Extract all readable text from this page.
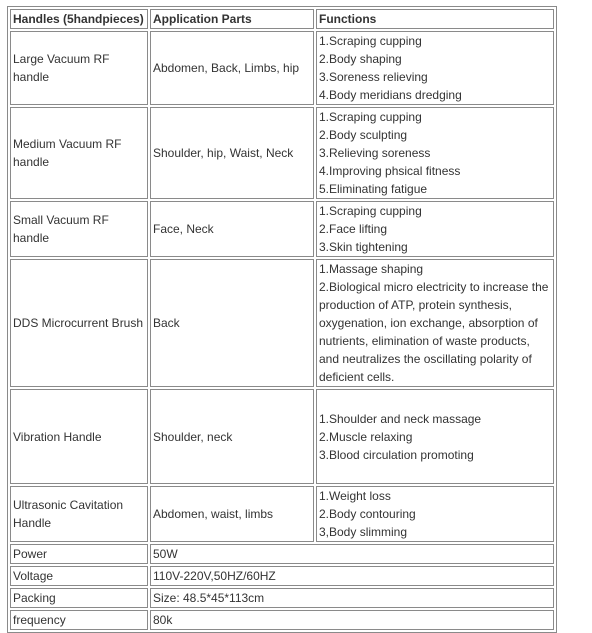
Handles (5handpieces)	Application Parts	Functions
Large Vacuum RF handle	Abdomen, Back, Limbs, hip	1.Scraping cupping
2.Body shaping
3.Soreness relieving
4.Body meridians dredging

Medium Vacuum RF handle	Shoulder, hip, Waist, Neck	1.Scraping cupping
2.Body sculpting
3.Relieving soreness
4.Improving phsical fitness
5.Eliminating fatigue

Small Vacuum RF handle	Face, Neck	1.Scraping cupping
2.Face lifting
3.Skin tightening

DDS Microcurrent Brush	Back	1.Massage shaping
2.Biological micro electricity to increase the production of ATP, protein synthesis, oxygenation, ion exchange, absorption of nutrients, elimination of waste products, and neutralizes the oscillating polarity of deficient cells.

Vibration Handle	Shoulder, neck	1.Shoulder and neck massage
2.Muscle relaxing
3.Blood circulation promoting

Ultrasonic Cavitation Handle	Abdomen, waist, limbs	1.Weight loss
2.Body contouring
3,Body slimming

Power	50W	
Voltage	110V-220V,50HZ/60HZ	
Packing	Size: 48.5*45*113cm	
frequency	80k	
